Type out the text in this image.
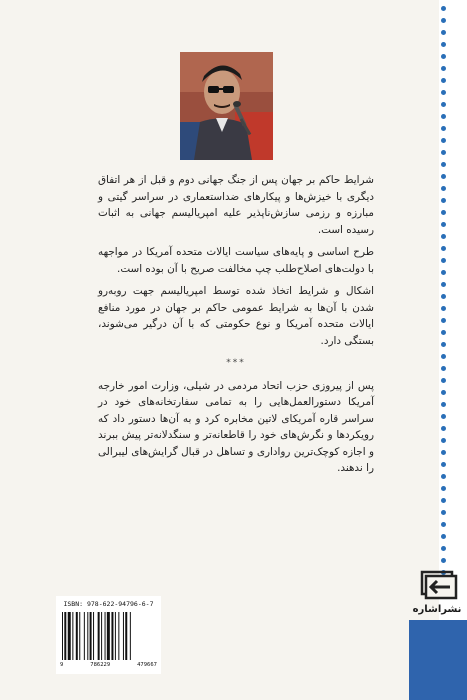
شرایط حاکم بر جهان پس از جنگ جهانی دوم و قبل از هر اتفاق دیگری با خیزش‌ها و پیکارهای ضداستعماری در سراسر گیتی و مبارزه و رزمی سازش‌ناپذیر علیه امپریالیسم جهانی به اثبات رسیده است.

طرح اساسی و پایه‌های سیاست ایالات متحده آمریکا در مواجهه با دولت‌های اصلاح‌طلب چپ مخالفت صریح با آن بوده است.

اشکال و شرایط اتخاذ شده توسط امپریالیسم جهت روبه‌رو شدن با آن‌ها به شرایط عمومی حاکم بر جهان در مورد منافع ایالات متحده آمریکا و نوع حکومتی که با آن درگیر می‌شوند، بستگی دارد.

***

پس از پیروزی حزب اتحاد مردمی در شیلی، وزارت امور خارجه آمریکا دستورالعمل‌هایی را به تمامی سفارتخانه‌های خود در سراسر قاره آمریکای لاتین مخابره کرد و به آن‌ها دستور داد که رویکردها و نگرش‌های خود را قاطعانه‌تر و سنگدلانه‌تر پیش ببرند و اجازه کوچک‌ترین رواداری و تساهل در قبال گرایش‌های لیبرالی را ندهند.

ISBN: 978-622-94796-6-7
9	786229	479667
نشراشاره
